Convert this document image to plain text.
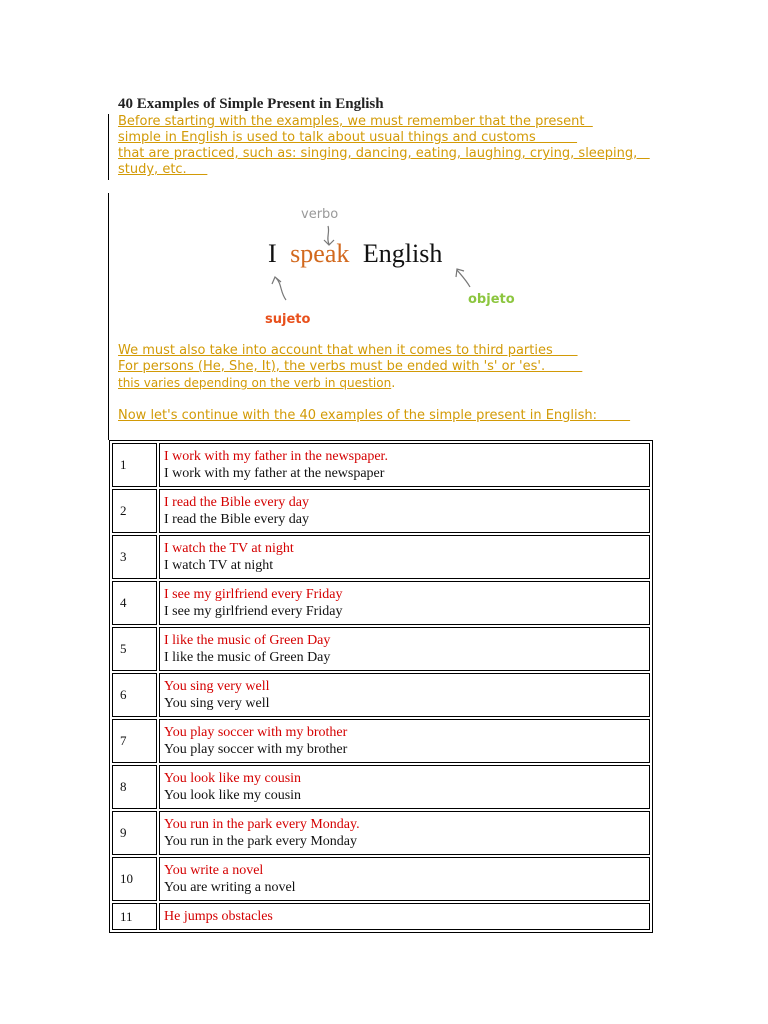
40 Examples of Simple Present in English
Before starting with the examples, we must remember that the present
simple in English is used to talk about usual things and customs
that are practiced, such as: singing, dancing, eating, laughing, crying, sleeping,
study, etc.
verbo
I speak English
sujeto
objeto
We must also take into account that when it comes to third parties
For persons (He, She, It), the verbs must be ended with 's' or 'es'.
this varies depending on the verb in question.
Now let's continue with the 40 examples of the simple present in English:
1	I work with my father in the newspaper.
I work with my father at the newspaper

2	I read the Bible every day
I read the Bible every day

3	I watch the TV at night
I watch TV at night

4	I see my girlfriend every Friday
I see my girlfriend every Friday

5	I like the music of Green Day
I like the music of Green Day

6	You sing very well
You sing very well

7	You play soccer with my brother
You play soccer with my brother

8	You look like my cousin
You look like my cousin

9	You run in the park every Monday.
You run in the park every Monday

10	You write a novel
You are writing a novel

11	He jumps obstacles
